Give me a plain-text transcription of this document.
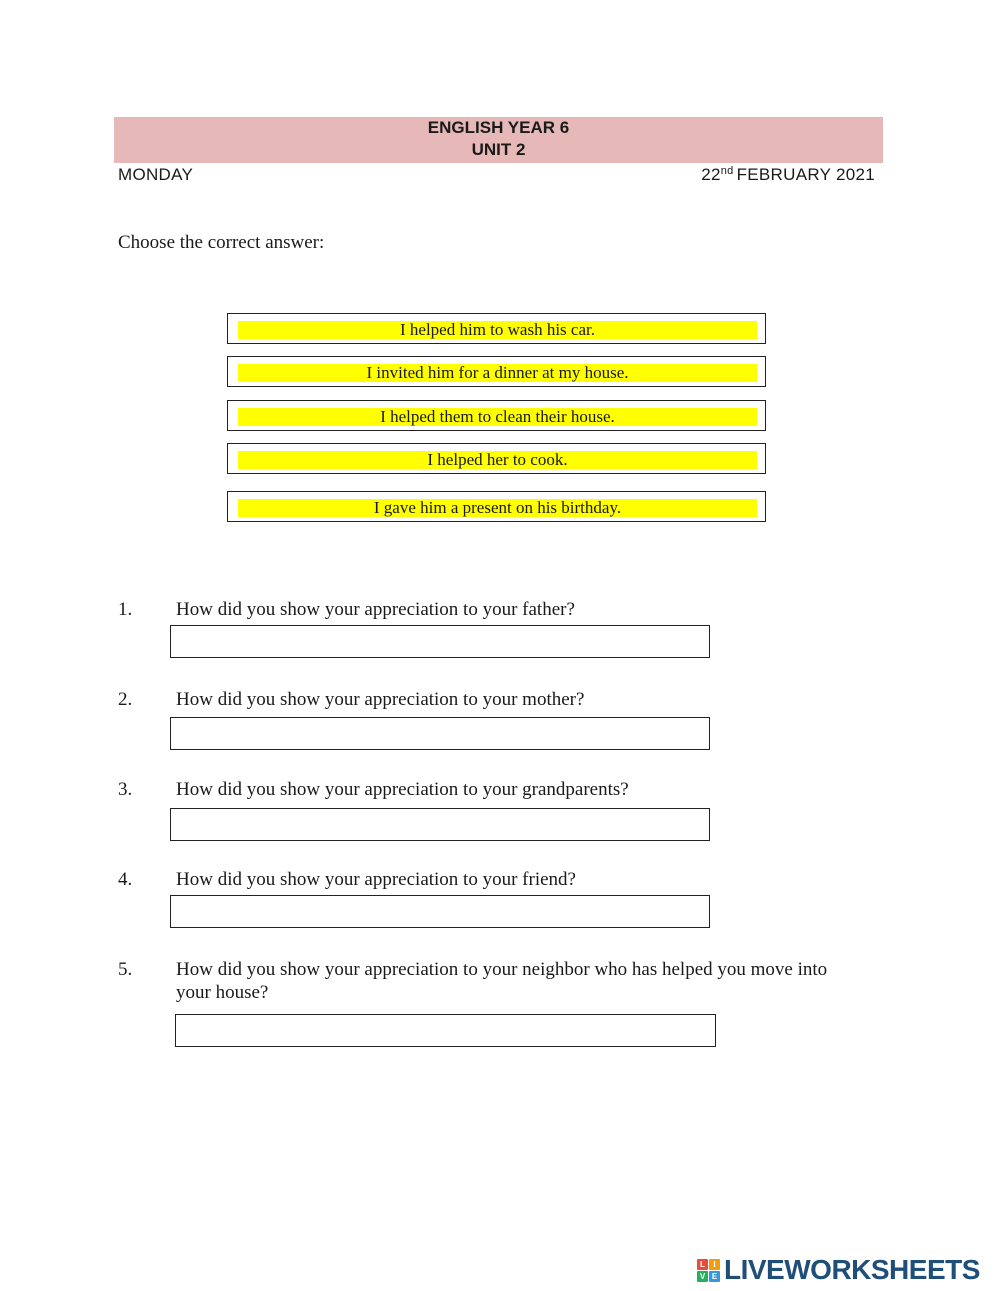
ENGLISH YEAR 6
UNIT 2
MONDAY	22nd FEBRUARY 2021
Choose the correct answer:
I helped him to wash his car.
I invited him for a dinner at my house.
I helped them to clean their house.
I helped her to cook.
I gave him a present on his birthday.
1. How did you show your appreciation to your father?
2. How did you show your appreciation to your mother?
3. How did you show your appreciation to your grandparents?
4. How did you show your appreciation to your friend?
5. How did you show your appreciation to your neighbor who has helped you move into your house?
L	I
V E LIVEWORKSHEETS
